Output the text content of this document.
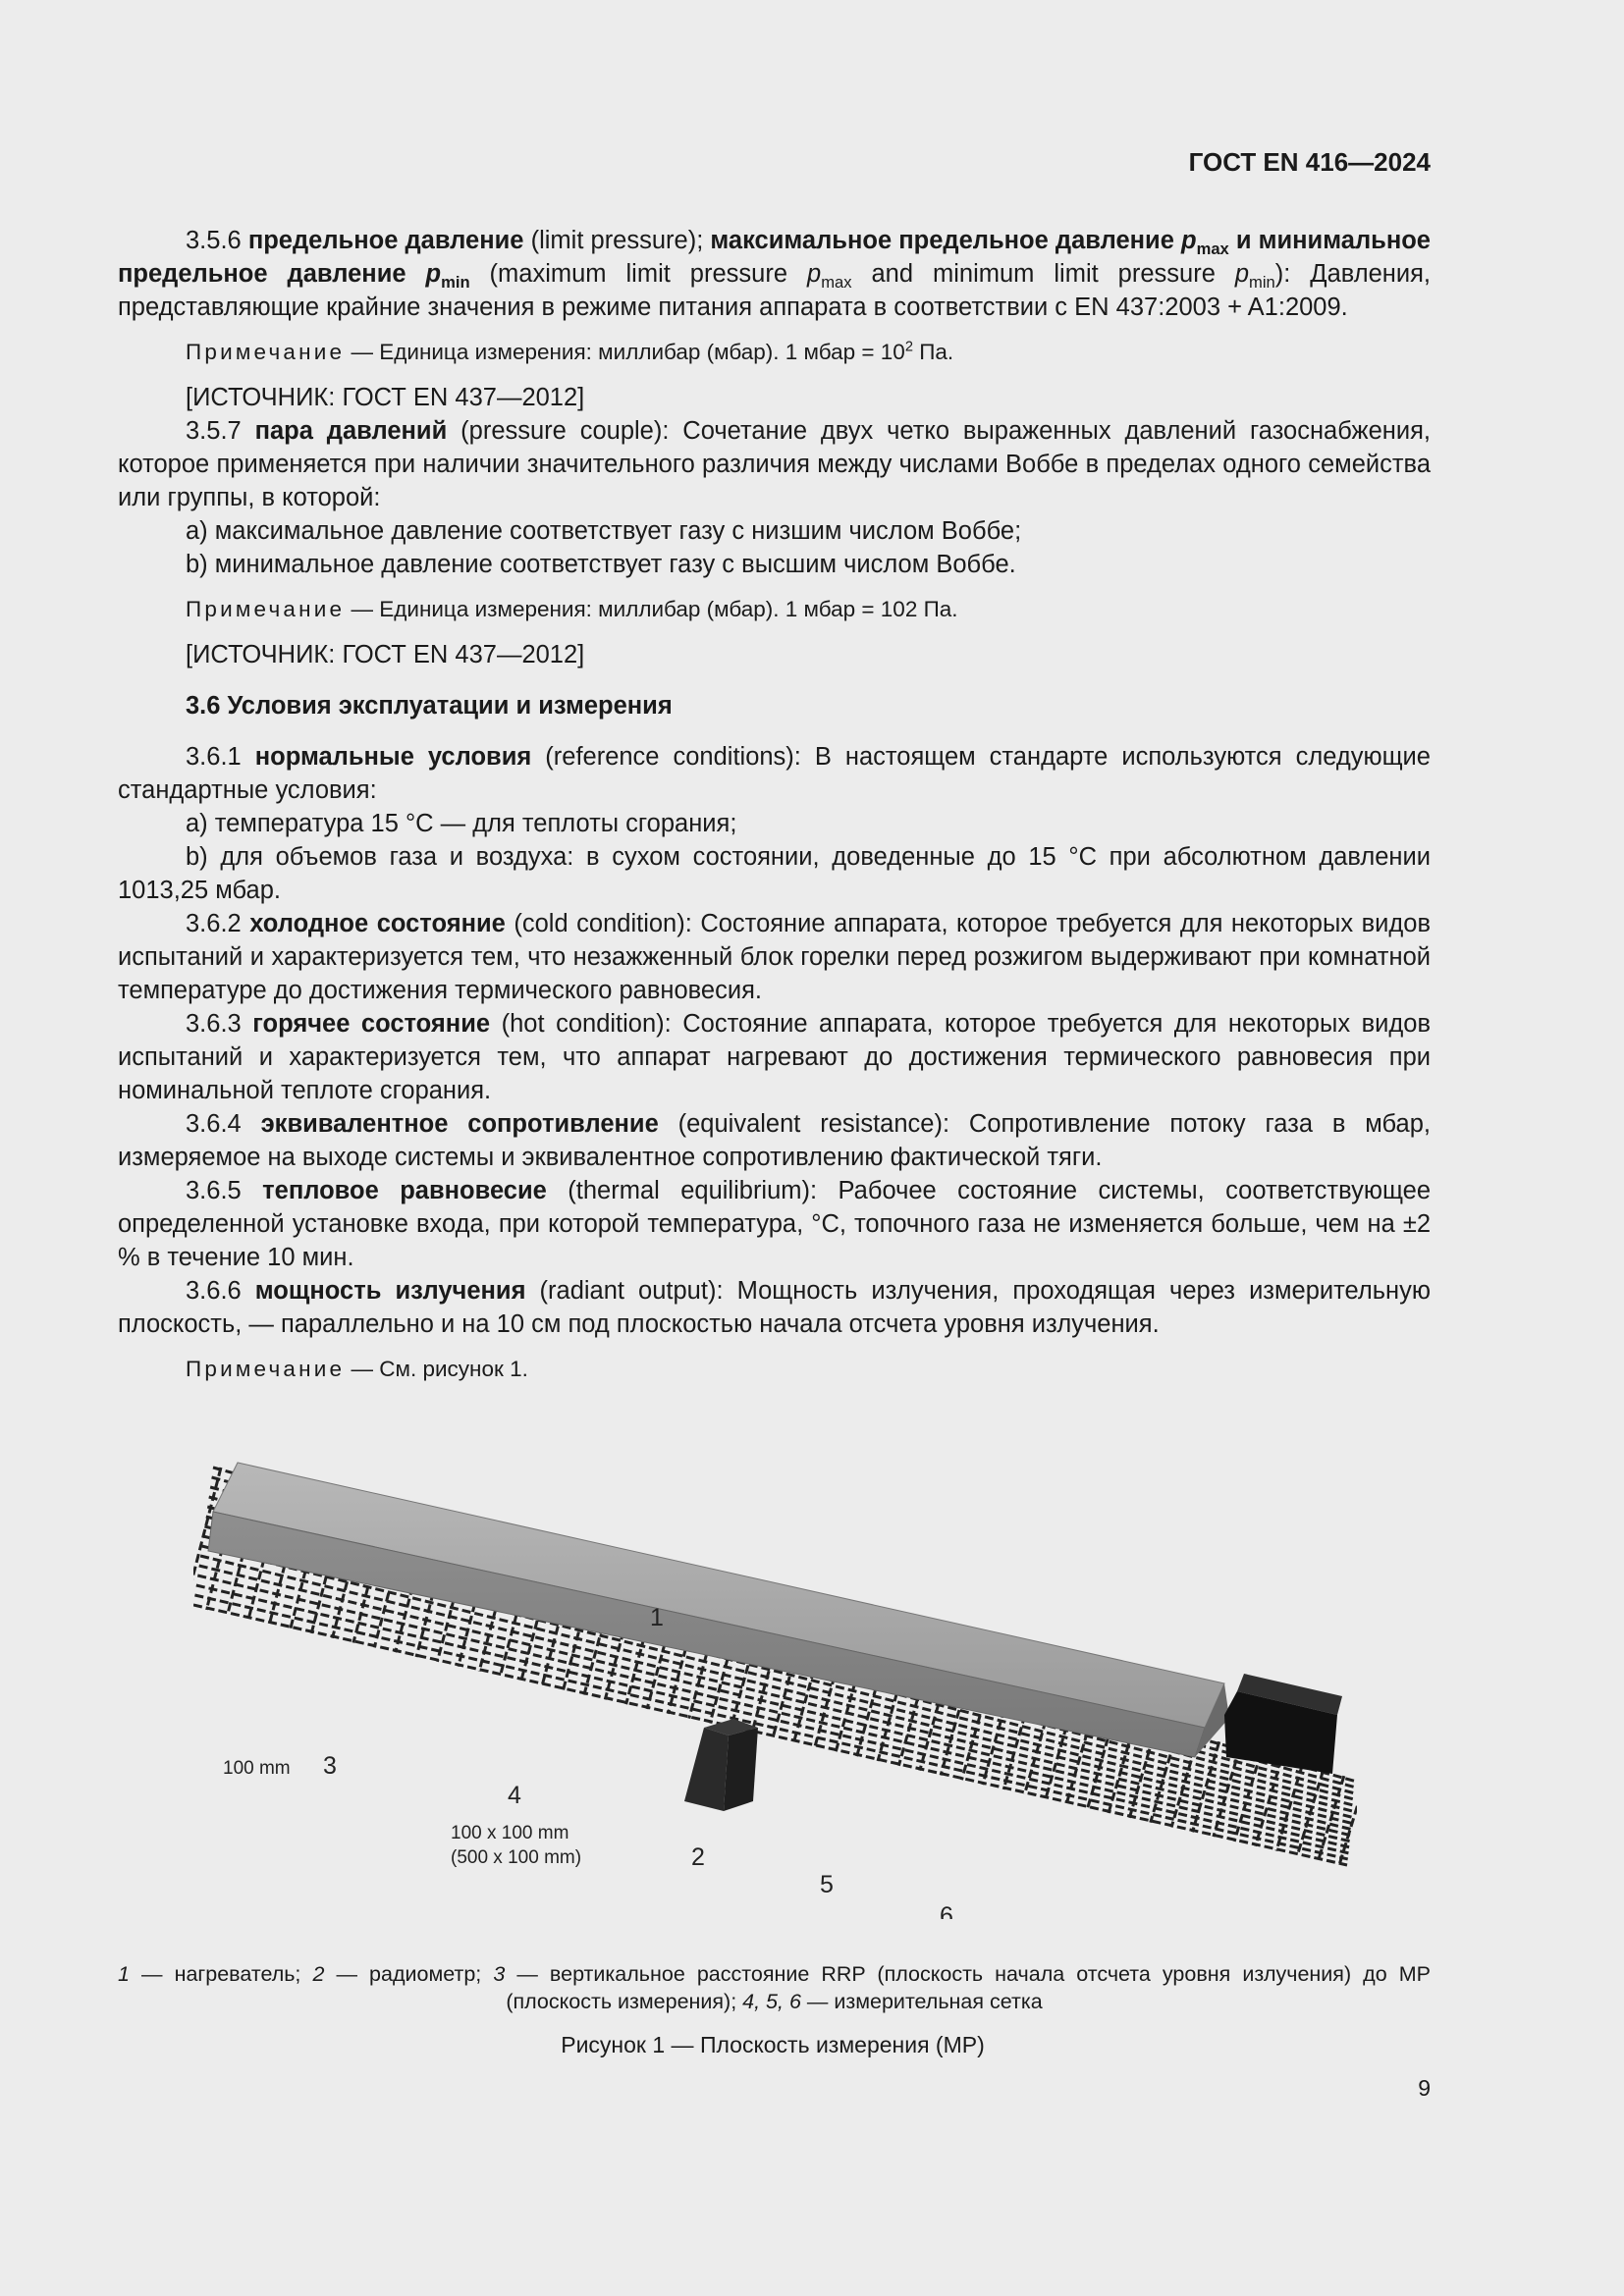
ГОСТ EN 416—2024

3.5.6 предельное давление (limit pressure); максимальное предельное давление $p_{max}$ и минимальное предельное давление $p_{min}$ (maximum limit pressure $p_{max}$ and minimum limit pressure $p_{min}$): Давления, представляющие крайние значения в режиме питания аппарата в соответствии с EN 437:2003 + A1:2009.

Примечание — Единица измерения: миллибар (мбар). 1 мбар = $10^2$ Па.

[ИСТОЧНИК: ГОСТ EN 437—2012]

3.5.7 пара давлений (pressure couple): Сочетание двух четко выраженных давлений газоснабжения, которое применяется при наличии значительного различия между числами Воббе в пределах одного семейства или группы, в которой:

a) максимальное давление соответствует газу с низшим числом Воббе;

b) минимальное давление соответствует газу с высшим числом Воббе.

Примечание — Единица измерения: миллибар (мбар). 1 мбар = 102 Па.

[ИСТОЧНИК: ГОСТ EN 437—2012]

3.6 Условия эксплуатации и измерения

3.6.1 нормальные условия (reference conditions): В настоящем стандарте используются следующие стандартные условия:

a) температура 15 °C — для теплоты сгорания;

b) для объемов газа и воздуха: в сухом состоянии, доведенные до 15 °C при абсолютном давлении 1013,25 мбар.

3.6.2 холодное состояние (cold condition): Состояние аппарата, которое требуется для некоторых видов испытаний и характеризуется тем, что незажженный блок горелки перед розжигом выдерживают при комнатной температуре до достижения термического равновесия.

3.6.3 горячее состояние (hot condition): Состояние аппарата, которое требуется для некоторых видов испытаний и характеризуется тем, что аппарат нагревают до достижения термического равновесия при номинальной теплоте сгорания.

3.6.4 эквивалентное сопротивление (equivalent resistance): Сопротивление потоку газа в мбар, измеряемое на выходе системы и эквивалентное сопротивлению фактической тяги.

3.6.5 тепловое равновесие (thermal equilibrium): Рабочее состояние системы, соответствующее определенной установке входа, при которой температура, °C, топочного газа не изменяется больше, чем на ±2 % в течение 10 мин.

3.6.6 мощность излучения (radiant output): Мощность излучения, проходящая через измерительную плоскость, — параллельно и на 10 см под плоскостью начала отсчета уровня излучения.

Примечание — См. рисунок 1.

1
100 mm 3
4
100 x 100 mm
(500 x 100 mm)	2
5
6
1 — нагреватель; 2 — радиометр; 3 — вертикальное расстояние RRP (плоскость начала отсчета уровня излучения) до MP (плоскость измерения); 4, 5, 6 — измерительная сетка
Рисунок 1 — Плоскость измерения (МР)
9
